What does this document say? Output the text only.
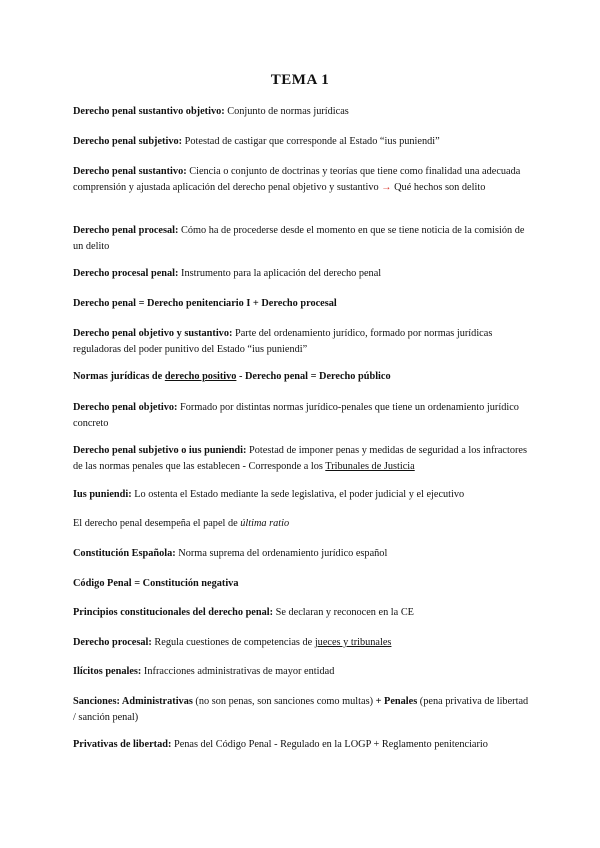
TEMA 1
Derecho penal sustantivo objetivo: Conjunto de normas jurídicas
Derecho penal subjetivo: Potestad de castigar que corresponde al Estado “ius puniendi”
Derecho penal sustantivo: Ciencia o conjunto de doctrinas y teorías que tiene como finalidad una adecuada comprensión y ajustada aplicación del derecho penal objetivo y sustantivo → Qué hechos son delito
Derecho penal procesal: Cómo ha de procederse desde el momento en que se tiene noticia de la comisión de un delito
Derecho procesal penal: Instrumento para la aplicación del derecho penal
Derecho penal = Derecho penitenciario I + Derecho procesal
Derecho penal objetivo y sustantivo: Parte del ordenamiento jurídico, formado por normas jurídicas reguladoras del poder punitivo del Estado “ius puniendi”
Normas jurídicas de derecho positivo - Derecho penal = Derecho público
Derecho penal objetivo: Formado por distintas normas jurídico-penales que tiene un ordenamiento jurídico concreto
Derecho penal subjetivo o ius puniendi: Potestad de imponer penas y medidas de seguridad a los infractores de las normas penales que las establecen - Corresponde a los Tribunales de Justicia
Ius puniendi: Lo ostenta el Estado mediante la sede legislativa, el poder judicial y el ejecutivo
El derecho penal desempeña el papel de última ratio
Constitución Española: Norma suprema del ordenamiento jurídico español
Código Penal = Constitución negativa
Principios constitucionales del derecho penal: Se declaran y reconocen en la CE
Derecho procesal: Regula cuestiones de competencias de jueces y tribunales
Ilícitos penales: Infracciones administrativas de mayor entidad
Sanciones: Administrativas (no son penas, son sanciones como multas) + Penales (pena privativa de libertad / sanción penal)
Privativas de libertad: Penas del Código Penal - Regulado en la LOGP + Reglamento penitenciario
